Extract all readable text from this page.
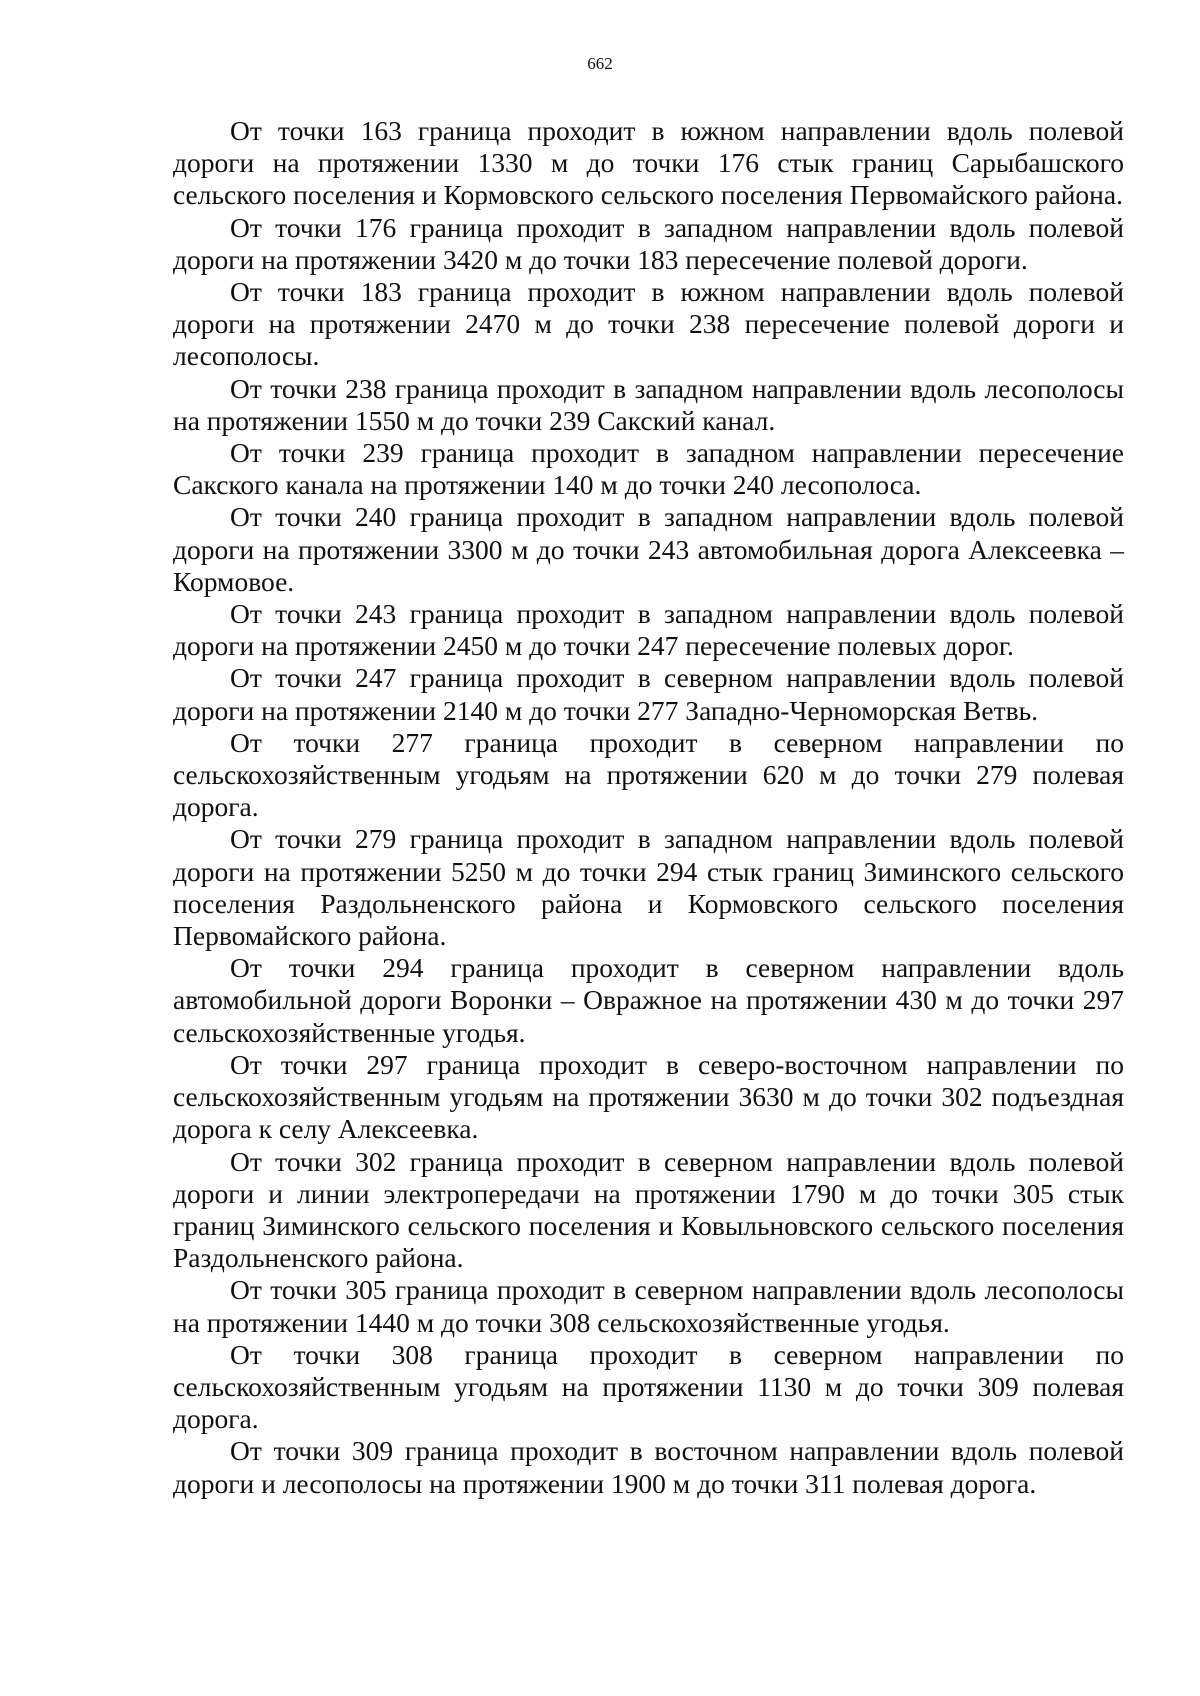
662

От точки 163 граница проходит в южном направлении вдоль полевой дороги на протяжении 1330 м до точки 176 стык границ Сарыбашского сельского поселения и Кормовского сельского поселения Первомайского района.

От точки 176 граница проходит в западном направлении вдоль полевой дороги на протяжении 3420 м до точки 183 пересечение полевой дороги.

От точки 183 граница проходит в южном направлении вдоль полевой дороги на протяжении 2470 м до точки 238 пересечение полевой дороги и лесополосы.

От точки 238 граница проходит в западном направлении вдоль лесополосы на протяжении 1550 м до точки 239 Сакский канал.

От точки 239 граница проходит в западном направлении пересечение Сакского канала на протяжении 140 м до точки 240 лесополоса.

От точки 240 граница проходит в западном направлении вдоль полевой дороги на протяжении 3300 м до точки 243 автомобильная дорога Алексеевка – Кормовое.

От точки 243 граница проходит в западном направлении вдоль полевой дороги на протяжении 2450 м до точки 247 пересечение полевых дорог.

От точки 247 граница проходит в северном направлении вдоль полевой дороги на протяжении 2140 м до точки 277 Западно-Черноморская Ветвь.

От точки 277 граница проходит в северном направлении по сельскохозяйственным угодьям на протяжении 620 м до точки 279 полевая дорога.

От точки 279 граница проходит в западном направлении вдоль полевой дороги на протяжении 5250 м до точки 294 стык границ Зиминского сельского поселения Раздольненского района и Кормовского сельского поселения Первомайского района.

От точки 294 граница проходит в северном направлении вдоль автомобильной дороги Воронки – Овражное на протяжении 430 м до точки 297 сельскохозяйственные угодья.

От точки 297 граница проходит в северо-восточном направлении по сельскохозяйственным угодьям на протяжении 3630 м до точки 302 подъездная дорога к селу Алексеевка.

От точки 302 граница проходит в северном направлении вдоль полевой дороги и линии электропередачи на протяжении 1790 м до точки 305 стык границ Зиминского сельского поселения и Ковыльновского сельского поселения Раздольненского района.

От точки 305 граница проходит в северном направлении вдоль лесополосы на протяжении 1440 м до точки 308 сельскохозяйственные угодья.

От точки 308 граница проходит в северном направлении по сельскохозяйственным угодьям на протяжении 1130 м до точки 309 полевая дорога.

От точки 309 граница проходит в восточном направлении вдоль полевой дороги и лесополосы на протяжении 1900 м до точки 311 полевая дорога.
